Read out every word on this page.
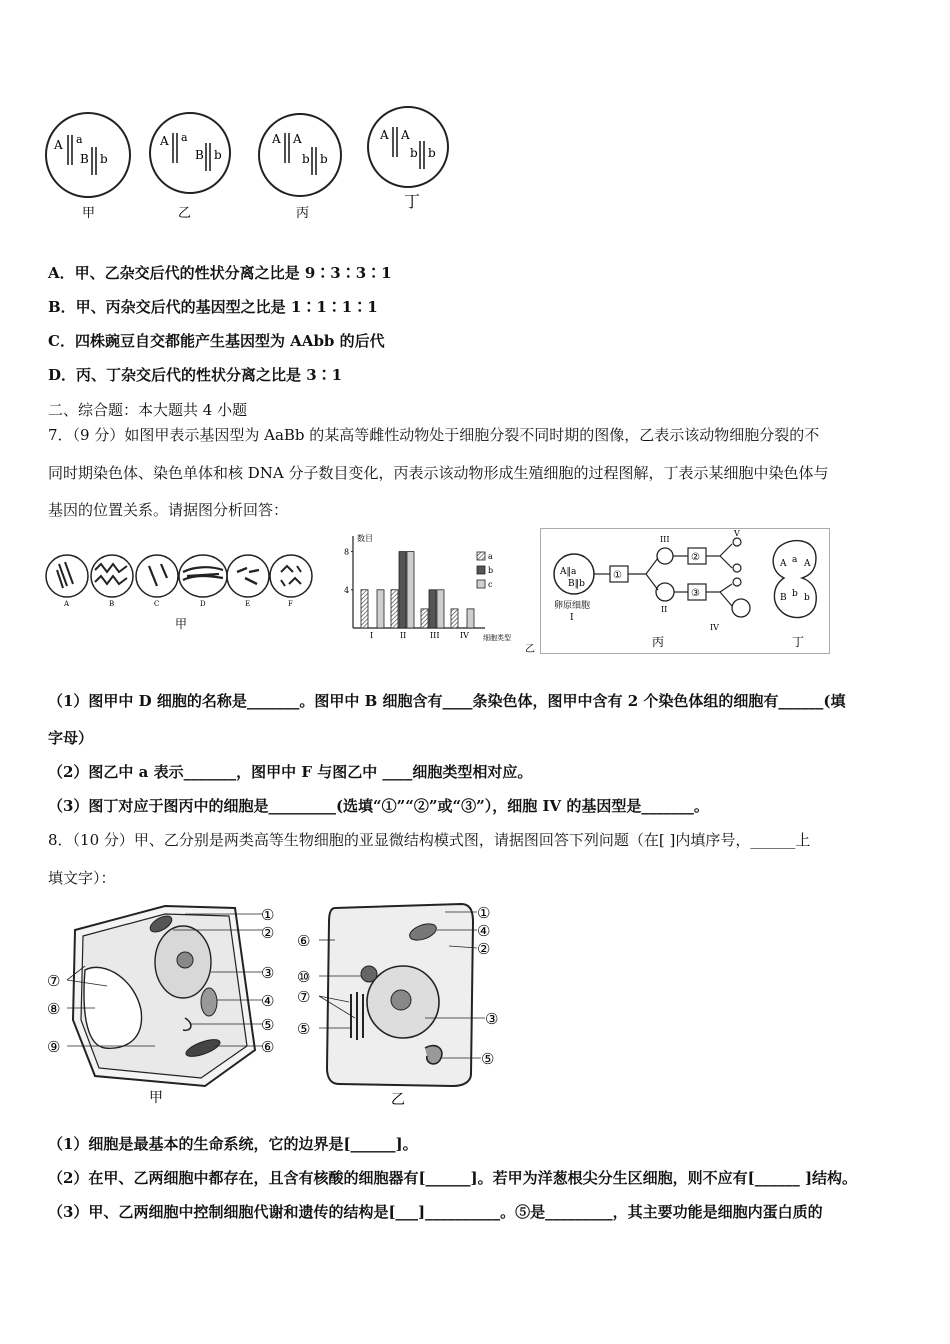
A a
B b
甲
A a
B b
乙
A A
b b
丙
A A
b b
丁
A．甲、乙杂交后代的性状分离之比是 9∶3∶3∶1
B．甲、丙杂交后代的基因型之比是 1∶1∶1∶1
C．四株豌豆自交都能产生基因型为 AAbb 的后代
D．丙、丁杂交后代的性状分离之比是 3∶1
二、综合题：本大题共 4 小题
7．（9 分）如图甲表示基因型为 AaBb 的某高等雌性动物处于细胞分裂不同时期的图像，乙表示该动物细胞分裂的不
同时期染色体、染色单体和核 DNA 分子数目变化，丙表示该动物形成生殖细胞的过程图解，丁表示某细胞中染色体与
基因的位置关系。请据图分析回答：
A	B	C	D	E	F
甲
数目
细胞类型
I	II	III	IV
4
8	a
b
c
乙
A‖a
B‖b
卵原细胞
I
①
III
II
②
③
V
IV
丙
A a A
B b b
丁
（1）图甲中 D 细胞的名称是_______。图甲中 B 细胞含有____条染色体，图甲中含有 2 个染色体组的细胞有______(填
字母）
（2）图乙中 a 表示_______，图甲中 F 与图乙中 ____细胞类型相对应。
（3）图丁对应于图丙中的细胞是_________(选填“①”“②”或“③”），细胞 IV 的基因型是_______。
8．（10 分）甲、乙分别是两类高等生物细胞的亚显微结构模式图，请据图回答下列问题（在[ ]内填序号，______上
填文字）：
①
②
③
④
⑤
⑥
⑦
⑧
⑨
甲
①
④
②
⑥
⑩
⑦
③
⑤
⑤
乙
（1）细胞是最基本的生命系统，它的边界是[______]。
（2）在甲、乙两细胞中都存在，且含有核酸的细胞器有[______]。若甲为洋葱根尖分生区细胞，则不应有[______ ]结构。
（3）甲、乙两细胞中控制细胞代谢和遗传的结构是[___]__________。⑤是_________，其主要功能是细胞内蛋白质的
